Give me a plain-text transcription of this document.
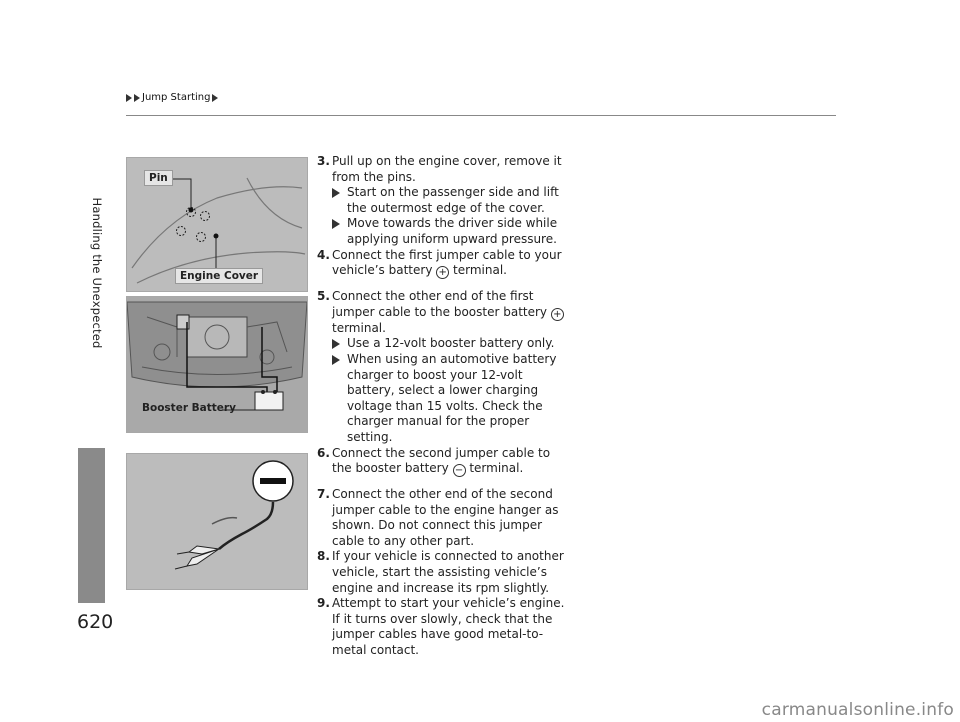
Jump Starting
Handling the Unexpected
620
Pin
Engine Cover
Booster Battery
3. Pull up on the engine cover, remove it from the pins.
Start on the passenger side and lift the outermost edge of the cover.
Move towards the driver side while applying uniform upward pressure.
4. Connect the first jumper cable to your vehicle’s battery + terminal.
5. Connect the other end of the first jumper cable to the booster battery + terminal.
Use a 12-volt booster battery only.
When using an automotive battery charger to boost your 12-volt battery, select a lower charging voltage than 15 volts. Check the charger manual for the proper setting.
6. Connect the second jumper cable to the booster battery − terminal.
7. Connect the other end of the second jumper cable to the engine hanger as shown. Do not connect this jumper cable to any other part.
8. If your vehicle is connected to another vehicle, start the assisting vehicle’s engine and increase its rpm slightly.
9. Attempt to start your vehicle’s engine. If it turns over slowly, check that the jumper cables have good metal-to-metal contact.
carmanualsonline.info
